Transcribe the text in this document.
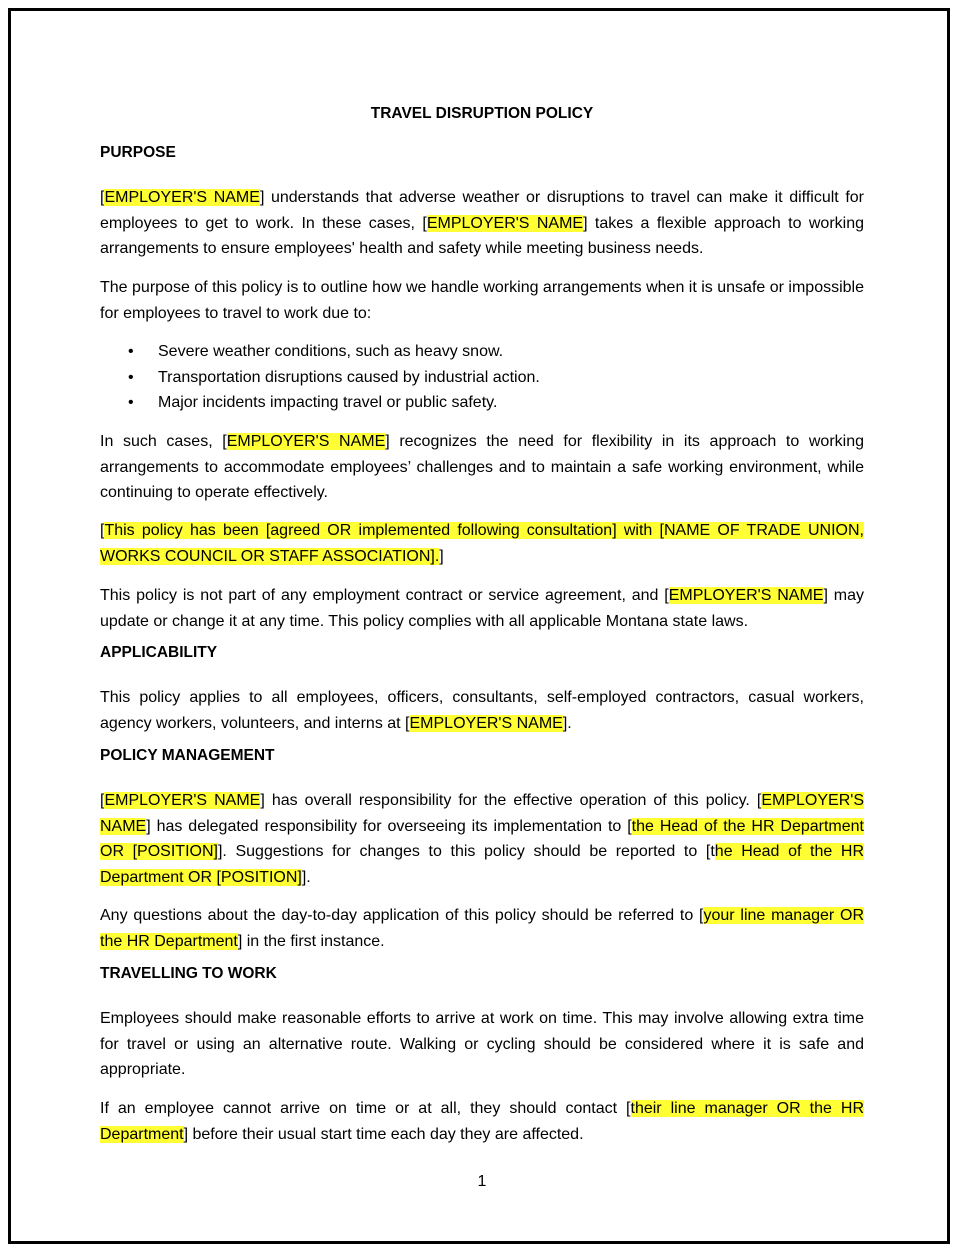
TRAVEL DISRUPTION POLICY
PURPOSE

[EMPLOYER'S NAME] understands that adverse weather or disruptions to travel can make it difficult for employees to get to work. In these cases, [EMPLOYER'S NAME] takes a flexible approach to working arrangements to ensure employees' health and safety while meeting business needs.

The purpose of this policy is to outline how we handle working arrangements when it is unsafe or impossible for employees to travel to work due to:

• Severe weather conditions, such as heavy snow.
• Transportation disruptions caused by industrial action.
• Major incidents impacting travel or public safety.

In such cases, [EMPLOYER'S NAME] recognizes the need for flexibility in its approach to working arrangements to accommodate employees’ challenges and to maintain a safe working environment, while continuing to operate effectively.

[This policy has been [agreed OR implemented following consultation] with [NAME OF TRADE UNION, WORKS COUNCIL OR STAFF ASSOCIATION].]

This policy is not part of any employment contract or service agreement, and [EMPLOYER'S NAME] may update or change it at any time. This policy complies with all applicable Montana state laws.

APPLICABILITY

This policy applies to all employees, officers, consultants, self-employed contractors, casual workers, agency workers, volunteers, and interns at [EMPLOYER'S NAME].

POLICY MANAGEMENT

[EMPLOYER'S NAME] has overall responsibility for the effective operation of this policy. [EMPLOYER'S NAME] has delegated responsibility for overseeing its implementation to [the Head of the HR Department OR [POSITION]]. Suggestions for changes to this policy should be reported to [the Head of the HR Department OR [POSITION]].

Any questions about the day-to-day application of this policy should be referred to [your line manager OR the HR Department] in the first instance.

TRAVELLING TO WORK

Employees should make reasonable efforts to arrive at work on time. This may involve allowing extra time for travel or using an alternative route. Walking or cycling should be considered where it is safe and appropriate.

If an employee cannot arrive on time or at all, they should contact [their line manager OR the HR Department] before their usual start time each day they are affected.

1
